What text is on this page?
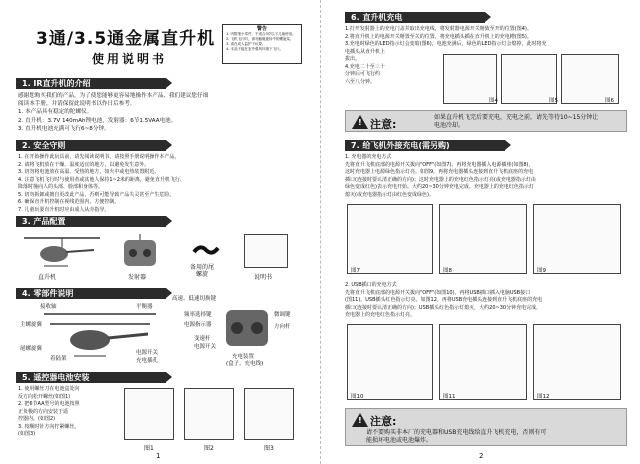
3通/3.5通金属直升机
使用说明书
警告
1. 内附细小零件，不适合3岁以下儿童使用。
2. 飞机飞行时，请勿触碰旋转中的螺旋桨。
3. 请在成人监护下玩耍。
4. 本品不能在室外强风环境下飞行。
1. IR直升机的介绍
感谢您购买我们的产品，为了使您能够更容易地操作本产品，我们建议您仔细
阅读本手册，并请保留此说明书以作日后参考。
1. 本产品具有稳定的陀螺仪。
2. 直升机：3.7V 140mAh锂电池，发射器：6节1.5VAA电池。
3. 直升机电池充满可飞行6~8分钟。
2. 安全守则
1. 在开始操作此玩具前，请先阅读说明书，请按照手册说明操作本产品。
2. 请将飞机放在干燥、温度适宜的地方，以避免发生意外。
3. 切勿将电池放在高温、受热的地方，如火中或电热装置附近。
4. 注意飞机飞行时与使用者或其他人保持1~2米的距离，避免直升机飞行、
降落时撞向人的头部、脸部和身体等。
5. 切勿拆卸或擅自更改此产品，否则可能导致产品失灵甚至产生危险。
6. 确保直升机控制在视线范围内，方便控制。
7. 儿童玩耍直升机时应由成人从旁指导。
3. 产品配置
直升机	发射器
备用的尾
螺旋	说明书
4. 零部件说明
接收轴	平衡器
主螺旋翼
尾螺旋翼
着陆架
电源开关
充电插孔
高速、低速切换键
频率选择键
电源指示器
微调键
方向杆
变速杆
电源开关
充电装置
(盒子，充电线)
5. 遥控器电池安装
1. 使用螺丝刀在电池盒处向
反方向松开螺丝(如图1)
2. 把6节AA型号的电池按照
正负极的方向安装于遥
控器内。(如图2)
3. 按顺时针方向拧紧螺丝。
(如图3)
图1	图2	图3
1
6. 直升机充电
1.打开发射器上的充电门盖并取出充电线，将发射器电源开关掰致至开的位置(图4)。
2.将直升机上的电源开关掰置至关的位置，将充电插头插在直升机上的充电槽(图5)。
3.充电时绿色的LED指示灯会变暗(图6)，电池充满后，绿色的LED指示灯会熄掉，此时将充
电插头从直升机上
拔出。
4.充电二十至三十
分钟后可飞行约
六至八分钟。
图4	图5	图6
! 注意:
如果直升机飞完后要充电，充电之前，请先等待10~15分钟让
电池冷却。
7. 给飞机外接充电(需另购)
1. 充电器的充电方式
先将直升飞机底部的电源开关拨向"OFF"(如图7)。再将充电器插入电源插座(如图8)，
这时充电器上电源绿色指示灯亮。如图9。再将充电器插头连接到直升飞机底座的充电
插口(连接时要认清正确的方向)；这时充电器上的充电红色指示灯亮(或充电器指示灯由
绿色变成红色)表示充电开始。大约20~30分钟充电完成。充电器上的充电红色指示灯
熄灭(或充电器指示灯由红色变成绿色)。
图7	图8	图9
2. USB插口的充电方式
先将直升飞机底部的电源开关拨向"OFF"(如图10)，再将USB插口插入电脑USB接口
(图11)，USB插头红色指示灯亮。如图12，再将USB充电插头连接到直升飞机底座的充电
插口(连接时要认清正确的方向)；USB插头红色指示灯熄灭，大约20~30分钟充电完成，
充电器上的充电红色指示灯亮。
图10	图11	图12
! 注意:
请不要购买非本厂的充电器和USB充电线给直升飞机充电，否则有可
能损坏电池或电池爆炸。
2
